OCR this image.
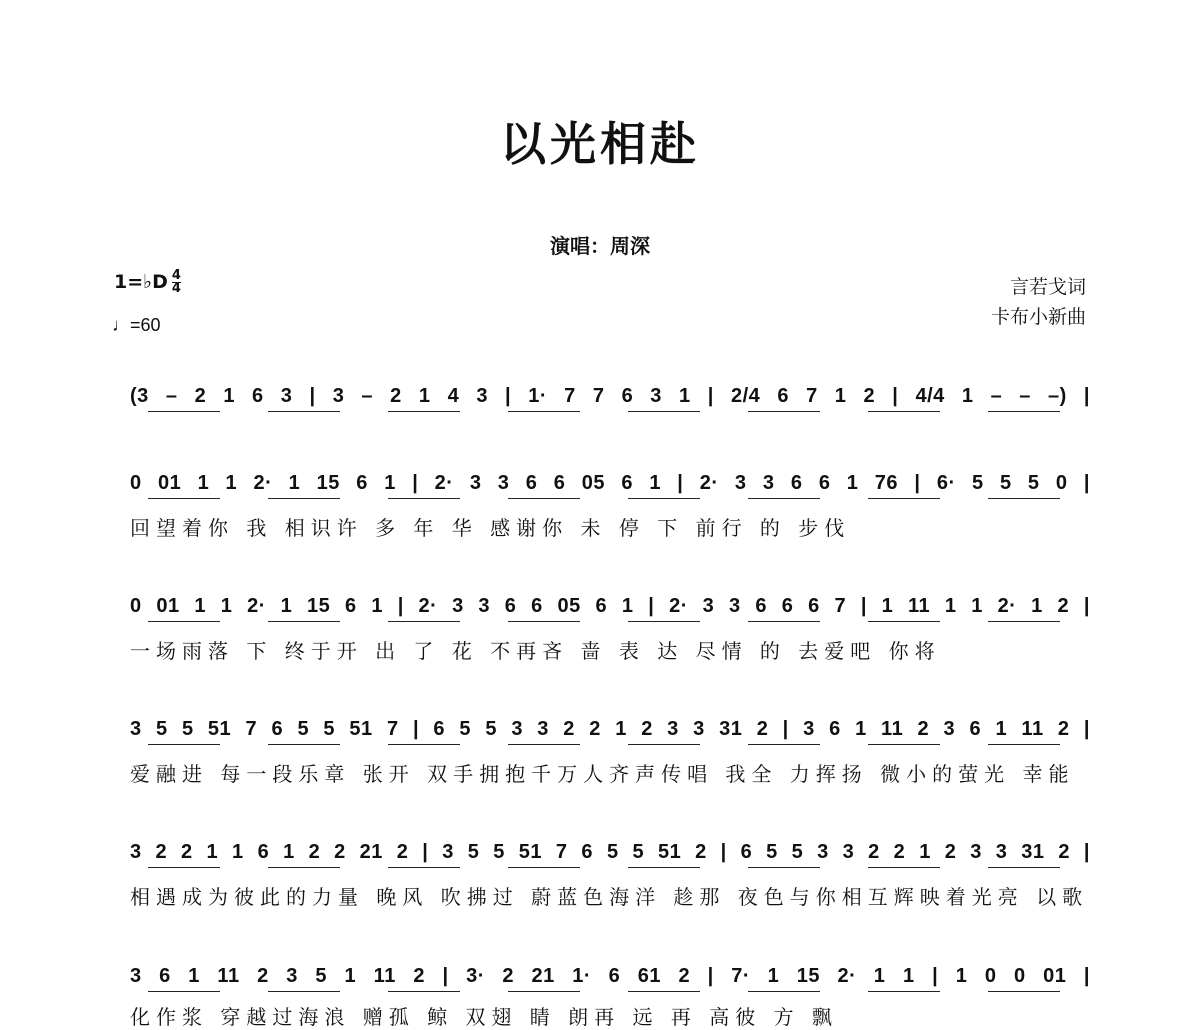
以光相赴
演唱：周深
1=♭D $\frac{4}{4}$
♩=60
言若戈词
卡布小新曲
(3 – 2 1 6 3 | 3 – 2 1 4 3 | 1· 7 7 6 3 1 | 2/4 6 7 1 2 | 4/4 1 – – –) |
0 01 1 1 2· 1 15 6 1 | 2· 3 3 6 6 05 6 1 | 2· 3 3 6 6 1 76 | 6· 5 5 5 0 |
回望着你 我 相识许 多 年 华 感谢你 未 停 下 前行 的 步伐
0 01 1 1 2· 1 15 6 1 | 2· 3 3 6 6 05 6 1 | 2· 3 3 6 6 6 7 | 1 11 1 1 2· 1 2 |
一场雨落 下 终于开 出 了 花 不再吝 啬 表 达 尽情 的 去爱吧 你将
3 5 5 51 7 6 5 5 51 7 | 6 5 5 3 3 2 2 1 2 3 3 31 2 | 3 6 1 11 2 3 6 1 11 2 |
爱融进 每一段乐章 张开 双手拥抱千万人齐声传唱 我全 力挥扬 微小的萤光 幸能
3 2 2 1 1 6 1 2 2 21 2 | 3 5 5 51 7 6 5 5 51 2 | 6 5 5 3 3 2 2 1 2 3 3 31 2 |
相遇成为彼此的力量 晚风 吹拂过 蔚蓝色海洋 趁那 夜色与你相互辉映着光亮 以歌
3 6 1 11 2 3 5 1 11 2 | 3· 2 21 1· 6 61 2 | 7· 1 15 2· 1 1 | 1 0 0 01 |
化作浆 穿越过海浪 赠孤 鲸 双翅 睛 朗再 远 再 高彼 方 飘
